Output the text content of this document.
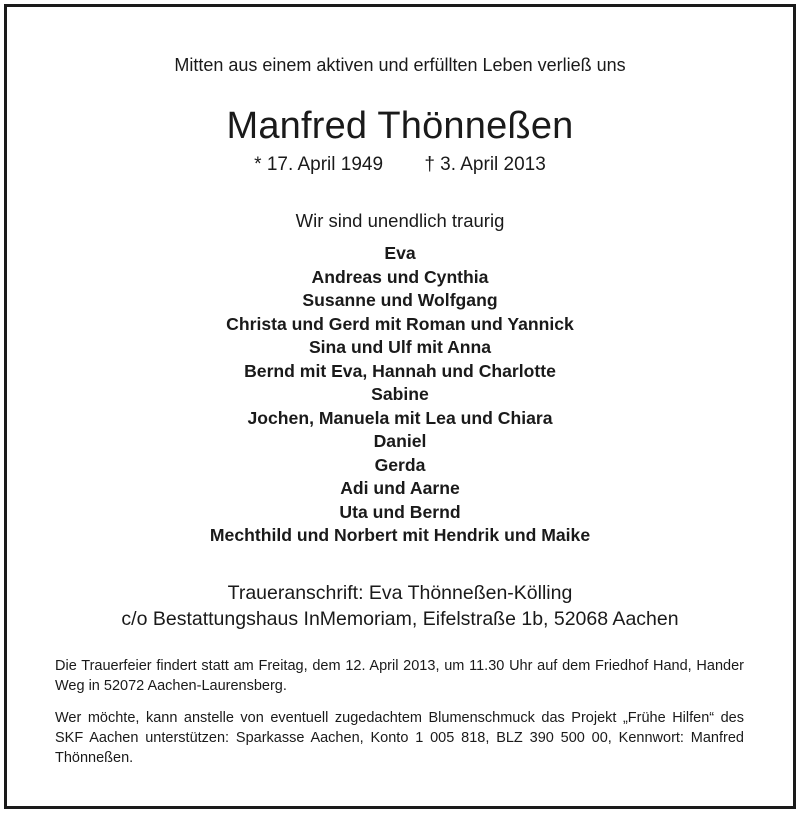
Mitten aus einem aktiven und erfüllten Leben verließ uns
Manfred Thönneßen
* 17. April 1949 † 3. April 2013
Wir sind unendlich traurig
Eva
Andreas und Cynthia
Susanne und Wolfgang
Christa und Gerd mit Roman und Yannick
Sina und Ulf mit Anna
Bernd mit Eva, Hannah und Charlotte
Sabine
Jochen, Manuela mit Lea und Chiara
Daniel
Gerda
Adi und Aarne
Uta und Bernd
Mechthild und Norbert mit Hendrik und Maike
Traueranschrift: Eva Thönneßen-Kölling
c/o Bestattungshaus InMemoriam, Eifelstraße 1b, 52068 Aachen

Die Trauerfeier findert statt am Freitag, dem 12. April 2013, um 11.30 Uhr auf dem Friedhof Hand, Hander Weg in 52072 Aachen-Laurensberg.

Wer möchte, kann anstelle von eventuell zugedachtem Blumenschmuck das Projekt „Frühe Hilfen“ des SKF Aachen unterstützen: Sparkasse Aachen, Konto 1 005 818, BLZ 390 500 00, Kennwort: Manfred Thönneßen.
